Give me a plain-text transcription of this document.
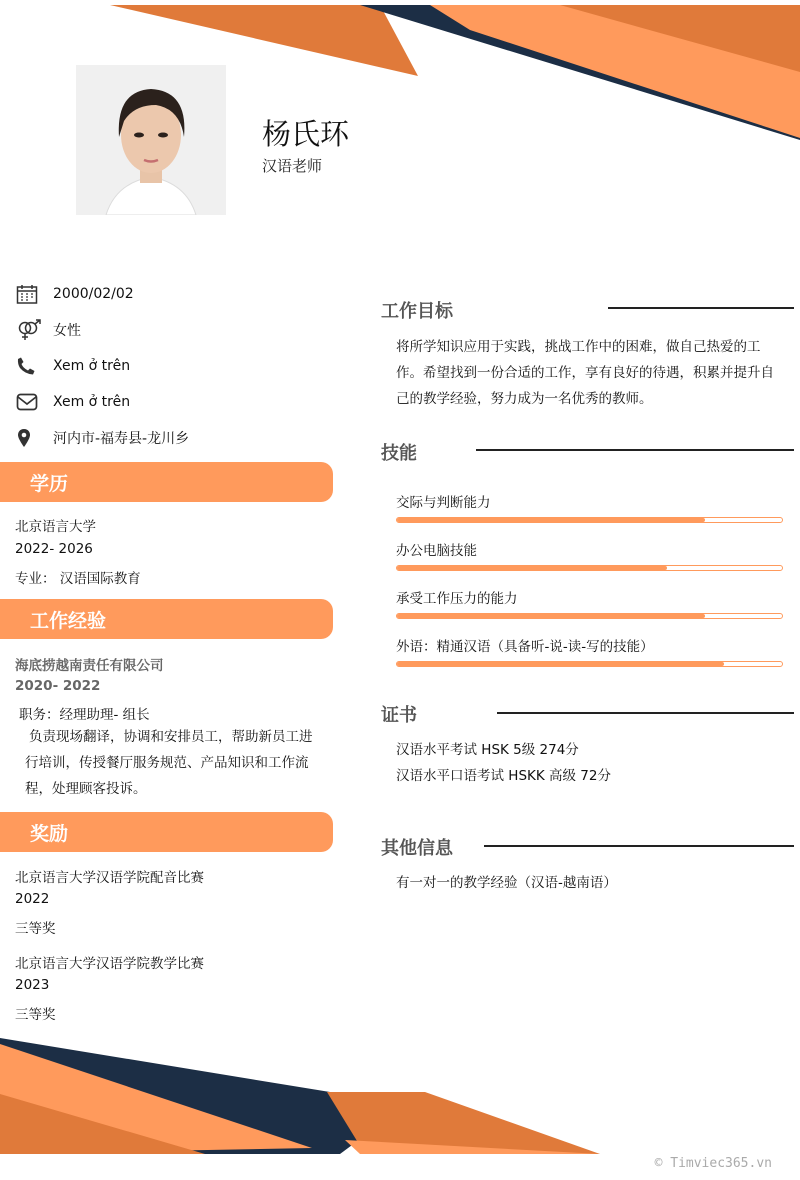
杨氏环
汉语老师
2000/02/02
女性
Xem ở trên
Xem ở trên
河内市-福寿县-龙川乡
学历
北京语言大学
2022- 2026
专业： 汉语国际教育
工作经验
海底捞越南责任有限公司
2020- 2022
职务：经理助理- 组长
负责现场翻译，协调和安排员工，帮助新员工进行培训，传授餐厅服务规范、产品知识和工作流程，处理顾客投诉。
奖励
北京语言大学汉语学院配音比赛
2022
三等奖
北京语言大学汉语学院教学比赛
2023
三等奖
工作目标
将所学知识应用于实践，挑战工作中的困难，做自己热爱的工作。希望找到一份合适的工作，享有良好的待遇，积累并提升自己的教学经验，努力成为一名优秀的教师。
技能
交际与判断能力
办公电脑技能
承受工作压力的能力
外语：精通汉语（具备听-说-读-写的技能）
证书
汉语水平考试 HSK 5级 274分
汉语水平口语考试 HSKK 高级 72分
其他信息
有一对一的教学经验（汉语-越南语）
© Timviec365.vn
